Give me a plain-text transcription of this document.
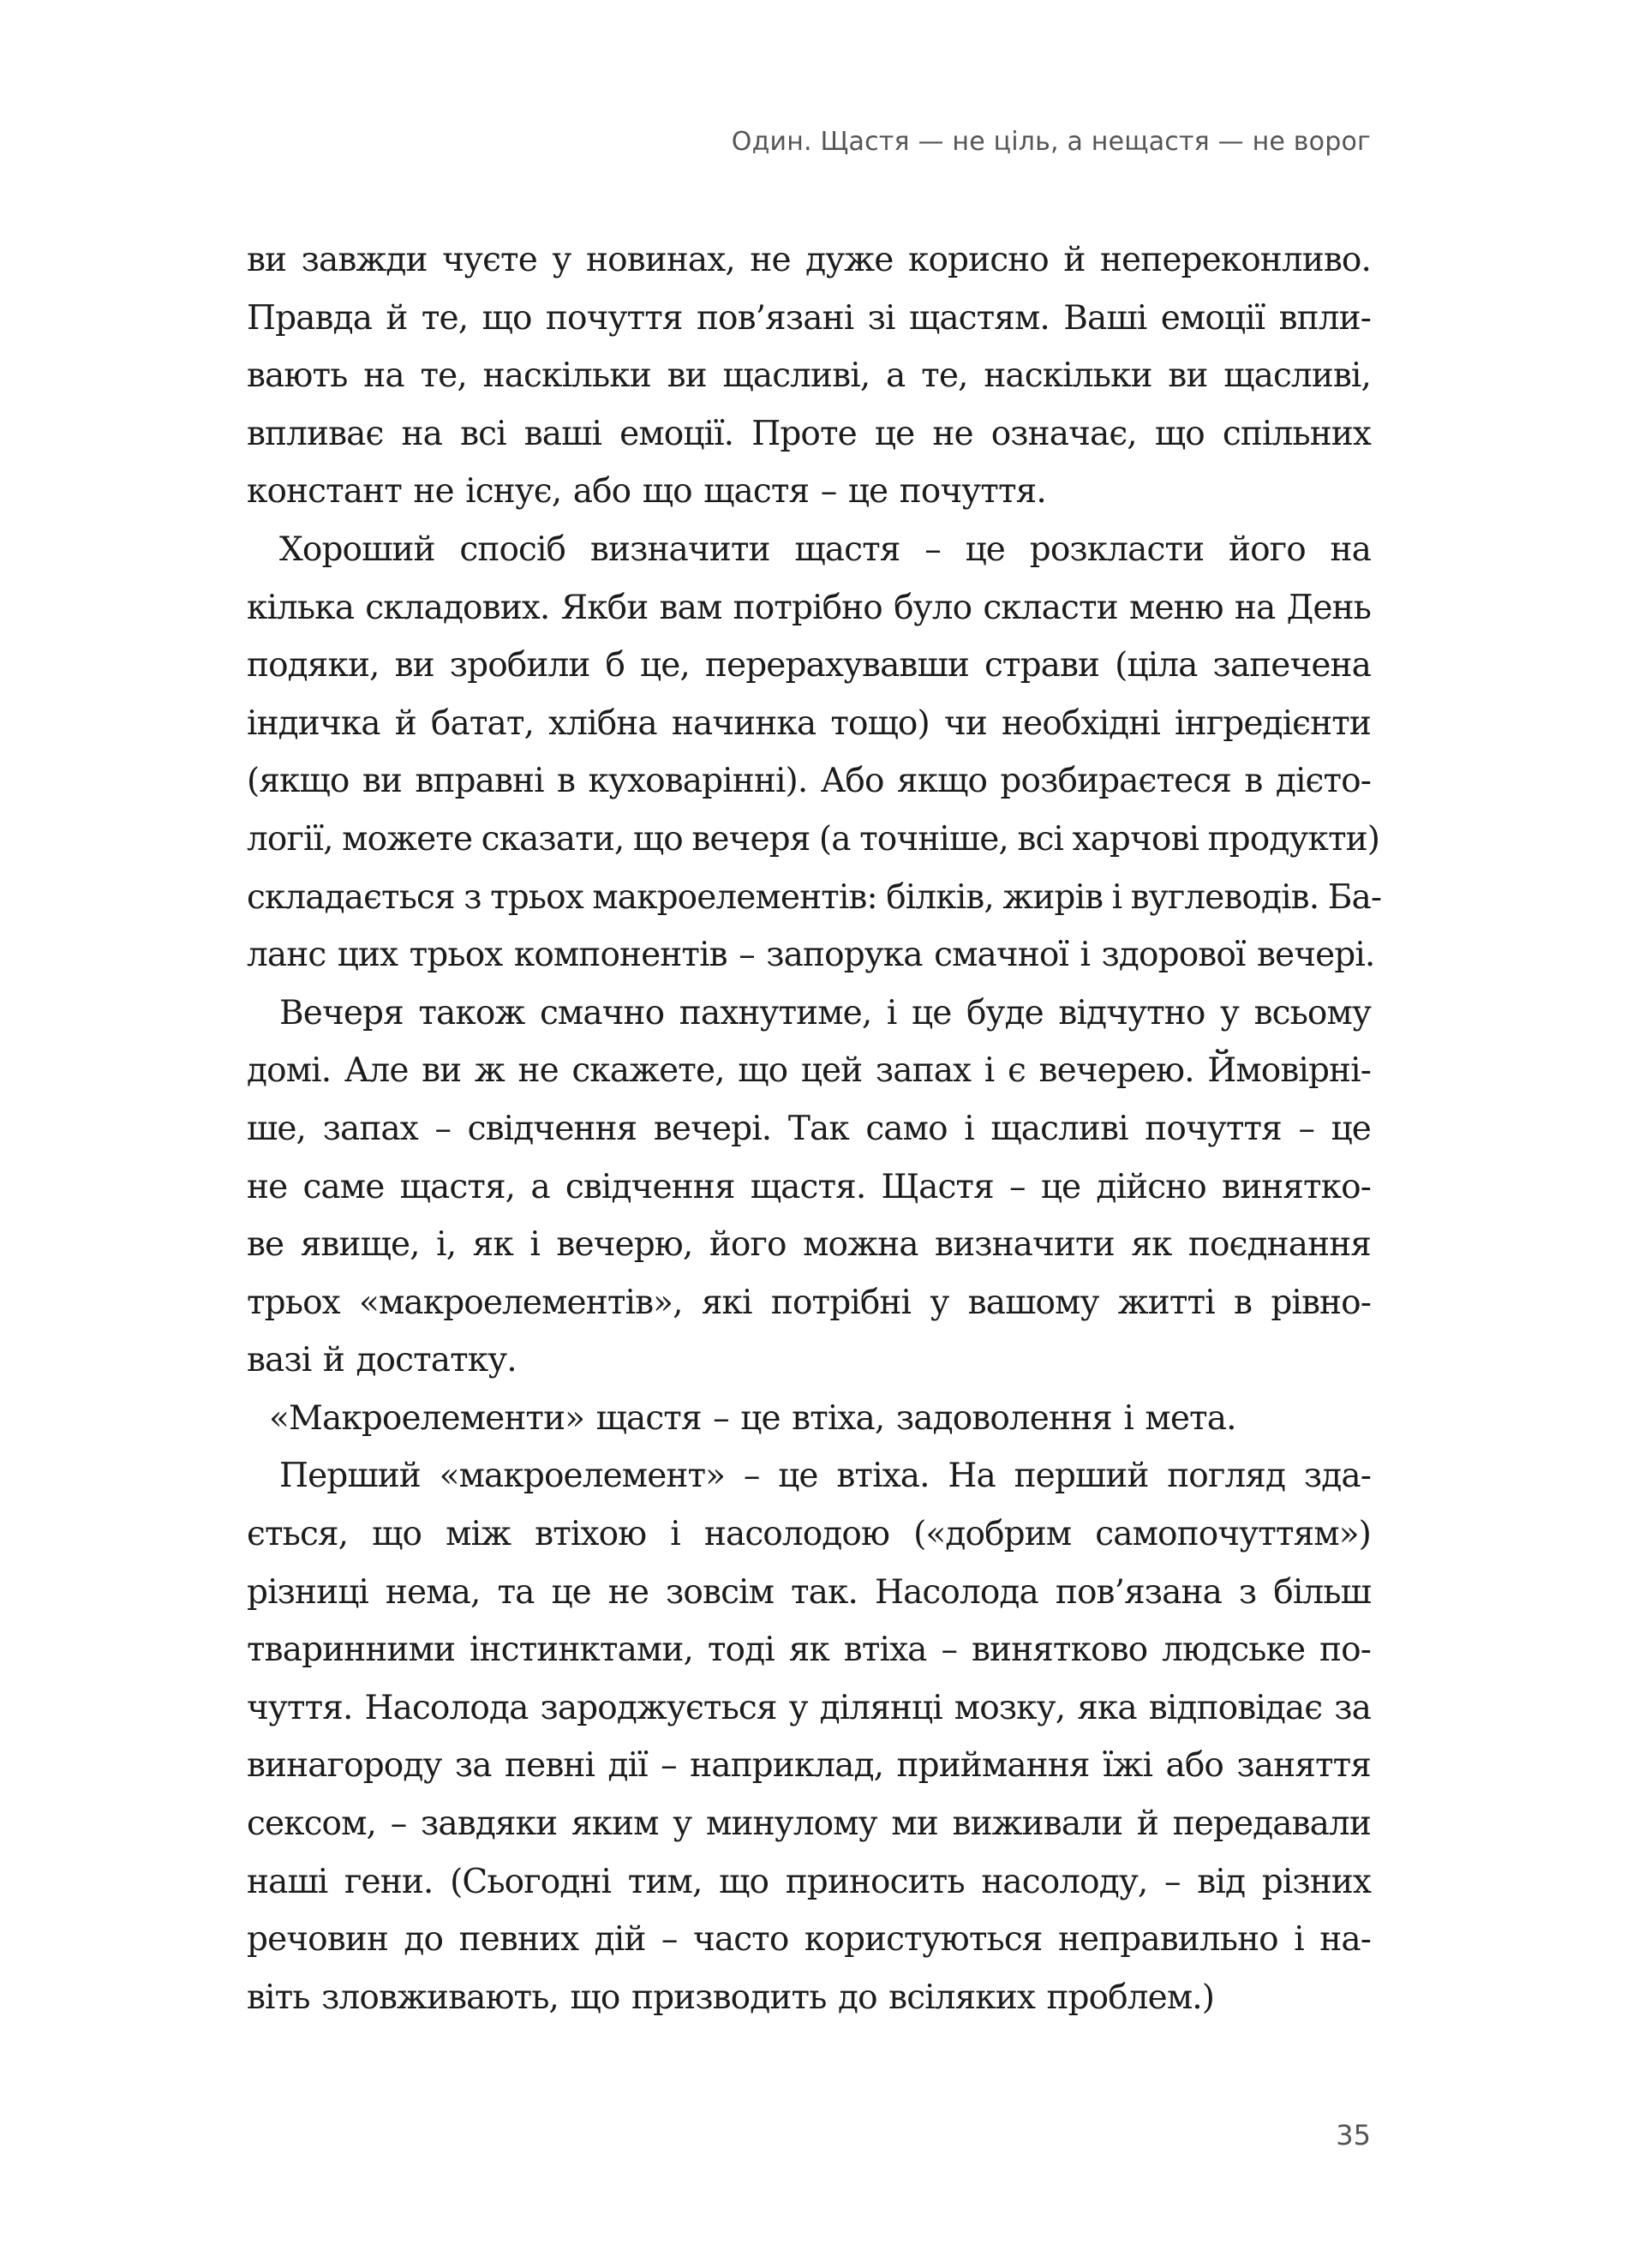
Один. Щастя — не ціль, а нещастя — не ворог
ви завжди чуєте у новинах, не дуже корисно й непереконливо.
Правда й те, що почуття пов’язані зі щастям. Ваші емоції впли-
вають на те, наскільки ви щасливі, а те, наскільки ви щасливі,
впливає на всі ваші емоції. Проте це не означає, що спільних
констант не існує, або що щастя – це почуття.
Хороший спосіб визначити щастя – це розкласти його на
кілька складових. Якби вам потрібно було скласти меню на День
подяки, ви зробили б це, перерахувавши страви (ціла запечена
індичка й батат, хлібна начинка тощо) чи необхідні інгредієнти
(якщо ви вправні в куховарінні). Або якщо розбираєтеся в дієто-
логії, можете сказати, що вечеря (а точніше, всі харчові продукти)
складається з трьох макроелементів: білків, жирів і вуглеводів. Ба-
ланс цих трьох компонентів – запорука смачної і здорової вечері.
Вечеря також смачно пахнутиме, і це буде відчутно у всьому
домі. Але ви ж не скажете, що цей запах і є вечерею. Ймовірні-
ше, запах – свідчення вечері. Так само і щасливі почуття – це
не саме щастя, а свідчення щастя. Щастя – це дійсно винятко-
ве явище, і, як і вечерю, його можна визначити як поєднання
трьох «макроелементів», які потрібні у вашому житті в рівно-
вазі й достатку.
«Макроелементи» щастя – це втіха, задоволення і мета.
Перший «макроелемент» – це втіха. На перший погляд зда-
ється, що між втіхою і насолодою («добрим самопочуттям»)
різниці нема, та це не зовсім так. Насолода пов’язана з більш
тваринними інстинктами, тоді як втіха – винятково людське по-
чуття. Насолода зароджується у ділянці мозку, яка відповідає за
винагороду за певні дії – наприклад, приймання їжі або заняття
сексом, – завдяки яким у минулому ми виживали й передавали
наші гени. (Сьогодні тим, що приносить насолоду, – від різних
речовин до певних дій – часто користуються неправильно і на-
віть зловживають, що призводить до всіляких проблем.)
35
